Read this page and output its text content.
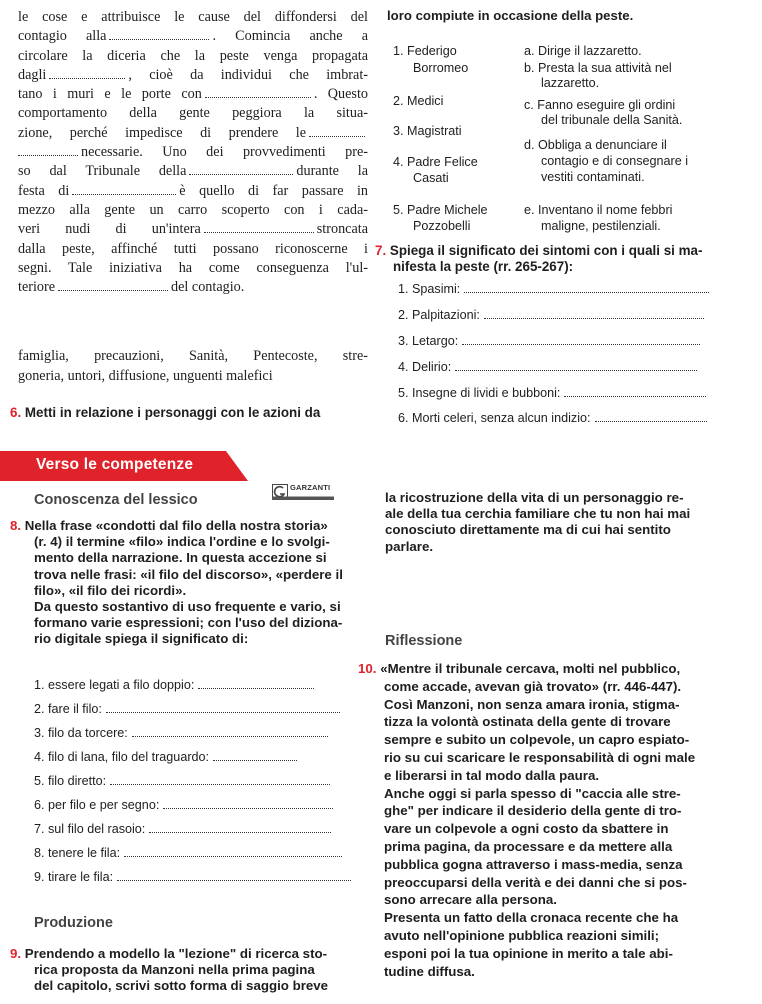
le cose e attribuisce le cause del diffondersi del

contagio alla	. Comincia anche a

circolare la diceria che la peste venga propagata

dagli	, cioè da individui che imbrat-

tano i muri e le porte con	. Questo

comportamento della gente peggiora la situa-

zione, perché impedisce di prendere le

necessarie. Uno dei provvedimenti pre-

so dal Tribunale della	durante la

festa di	è quello di far passare in

mezzo alla gente un carro scoperto con i cada-

veri nudi di un'intera	stroncata

dalla peste, affinché tutti possano riconoscerne i

segni. Tale iniziativa ha come conseguenza l'ul-

teriore	del contagio.

famiglia, precauzioni, Sanità, Pentecoste, stre-
goneria, untori, diffusione, unguenti malefici
6. Metti in relazione i personaggi con le azioni da
loro compiute in occasione della peste.
1. Federigo
Borromeo
2. Medici
3. Magistrati
4. Padre Felice
Casati
5. Padre Michele
Pozzobelli
a. Dirige il lazzaretto.
b. Presta la sua attività nel
lazzaretto.
c. Fanno eseguire gli ordini
del tribunale della Sanità.
d. Obbliga a denunciare il
contagio e di consegnare i
vestiti contaminati.
e. Inventano il nome febbri
maligne, pestilenziali.
7. Spiega il significato dei sintomi con i quali si ma-
nifesta la peste (rr. 265-267):
1. Spasimi:
2. Palpitazioni:
3. Letargo:
4. Delirio:
5. Insegne di lividi e bubboni:
6. Morti celeri, senza alcun indizio:
Verso le competenze
Conoscenza del lessico
GARZANTI
LINGUISTICA
8. Nella frase «condotti dal filo della nostra storia»
(r. 4) il termine «filo» indica l'ordine e lo svolgi-
mento della narrazione. In questa accezione si
trova nelle frasi: «il filo del discorso», «perdere il
filo», «il filo dei ricordi».
Da questo sostantivo di uso frequente e vario, si
formano varie espressioni; con l'uso del diziona-
rio digitale spiega il significato di:
1. essere legati a filo doppio:
2. fare il filo:
3. filo da torcere:
4. filo di lana, filo del traguardo:
5. filo diretto:
6. per filo e per segno:
7. sul filo del rasoio:
8. tenere le fila:
9. tirare le fila:
Produzione
9. Prendendo a modello la "lezione" di ricerca sto-
rica proposta da Manzoni nella prima pagina
del capitolo, scrivi sotto forma di saggio breve
la ricostruzione della vita di un personaggio re-
ale della tua cerchia familiare che tu non hai mai
conosciuto direttamente ma di cui hai sentito
parlare.
Riflessione
10. «Mentre il tribunale cercava, molti nel pubblico,
come accade, avevan già trovato» (rr. 446-447).
Così Manzoni, non senza amara ironia, stigma-
tizza la volontà ostinata della gente di trovare
sempre e subito un colpevole, un capro espiato-
rio su cui scaricare le responsabilità di ogni male
e liberarsi in tal modo dalla paura.
Anche oggi si parla spesso di "caccia alle stre-
ghe" per indicare il desiderio della gente di tro-
vare un colpevole a ogni costo da sbattere in
prima pagina, da processare e da mettere alla
pubblica gogna attraverso i mass-media, senza
preoccuparsi della verità e dei danni che si pos-
sono arrecare alla persona.
Presenta un fatto della cronaca recente che ha
avuto nell'opinione pubblica reazioni simili;
esponi poi la tua opinione in merito a tale abi-
tudine diffusa.
